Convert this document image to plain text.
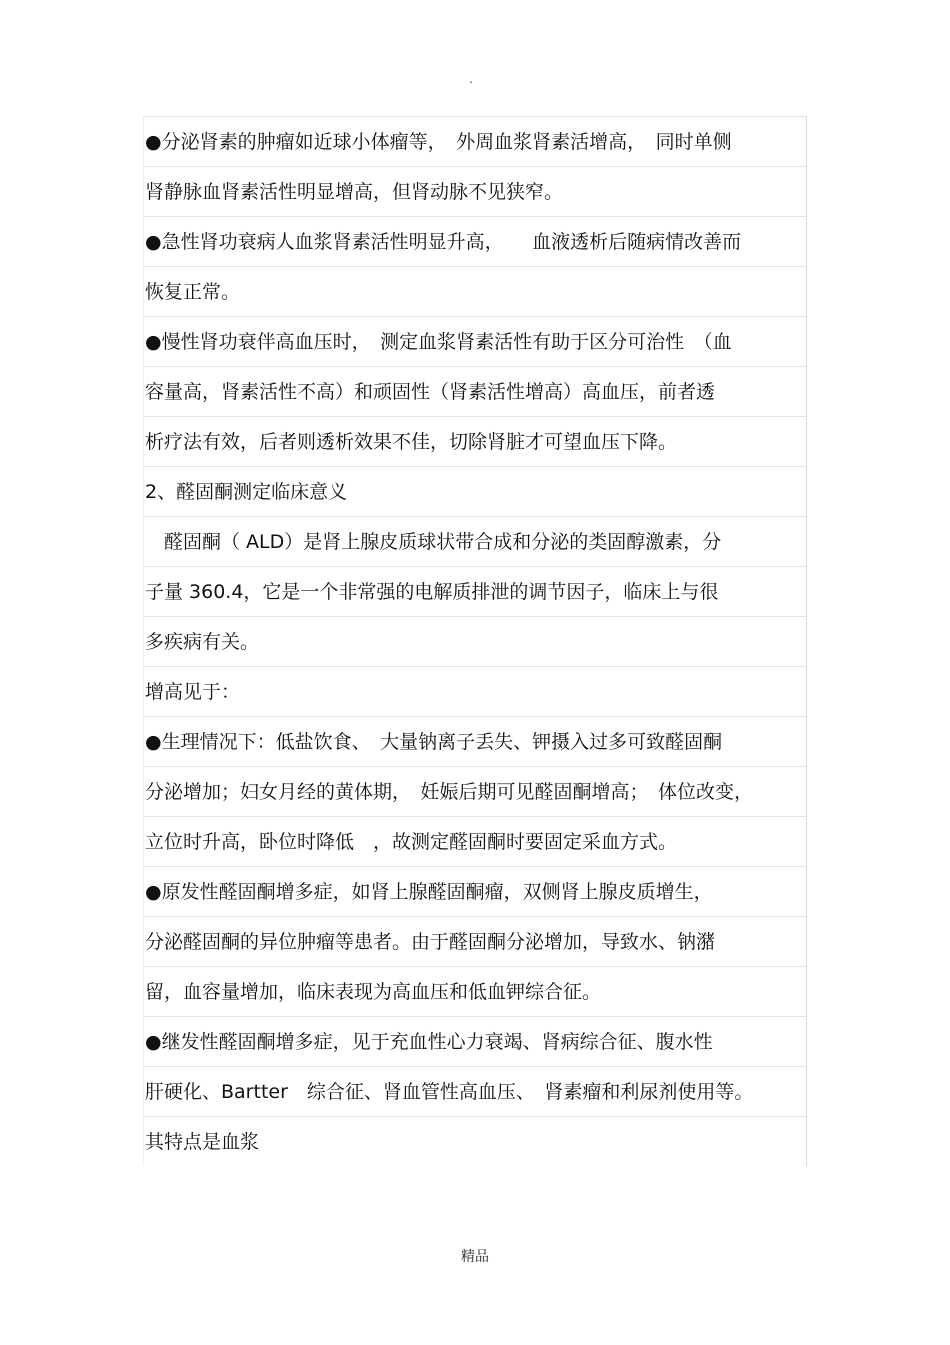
.
●分泌肾素的肿瘤如近球小体瘤等，　外周血浆肾素活增高，　同时单侧
肾静脉血肾素活性明显增高，但肾动脉不见狭窄。
●急性肾功衰病人血浆肾素活性明显升高，　　血液透析后随病情改善而
恢复正常。
●慢性肾功衰伴高血压时，　测定血浆肾素活性有助于区分可治性　（血
容量高，肾素活性不高）和顽固性（肾素活性增高）高血压，前者透
析疗法有效，后者则透析效果不佳，切除肾脏才可望血压下降。
2、醛固酮测定临床意义
　醛固酮（ ALD）是肾上腺皮质球状带合成和分泌的类固醇激素，分
子量 360.4，它是一个非常强的电解质排泄的调节因子，临床上与很
多疾病有关。
增高见于：
●生理情况下：低盐饮食、　大量钠离子丢失、钾摄入过多可致醛固酮
分泌增加；妇女月经的黄体期，　妊娠后期可见醛固酮增高；　体位改变，
立位时升高，卧位时降低　，故测定醛固酮时要固定采血方式。
●原发性醛固酮增多症，如肾上腺醛固酮瘤，双侧肾上腺皮质增生，
分泌醛固酮的异位肿瘤等患者。由于醛固酮分泌增加，导致水、钠潴
留，血容量增加，临床表现为高血压和低血钾综合征。
●继发性醛固酮增多症，见于充血性心力衰竭、肾病综合征、腹水性
肝硬化、Bartter　综合征、肾血管性高血压、　肾素瘤和利尿剂使用等。
其特点是血浆
精品
